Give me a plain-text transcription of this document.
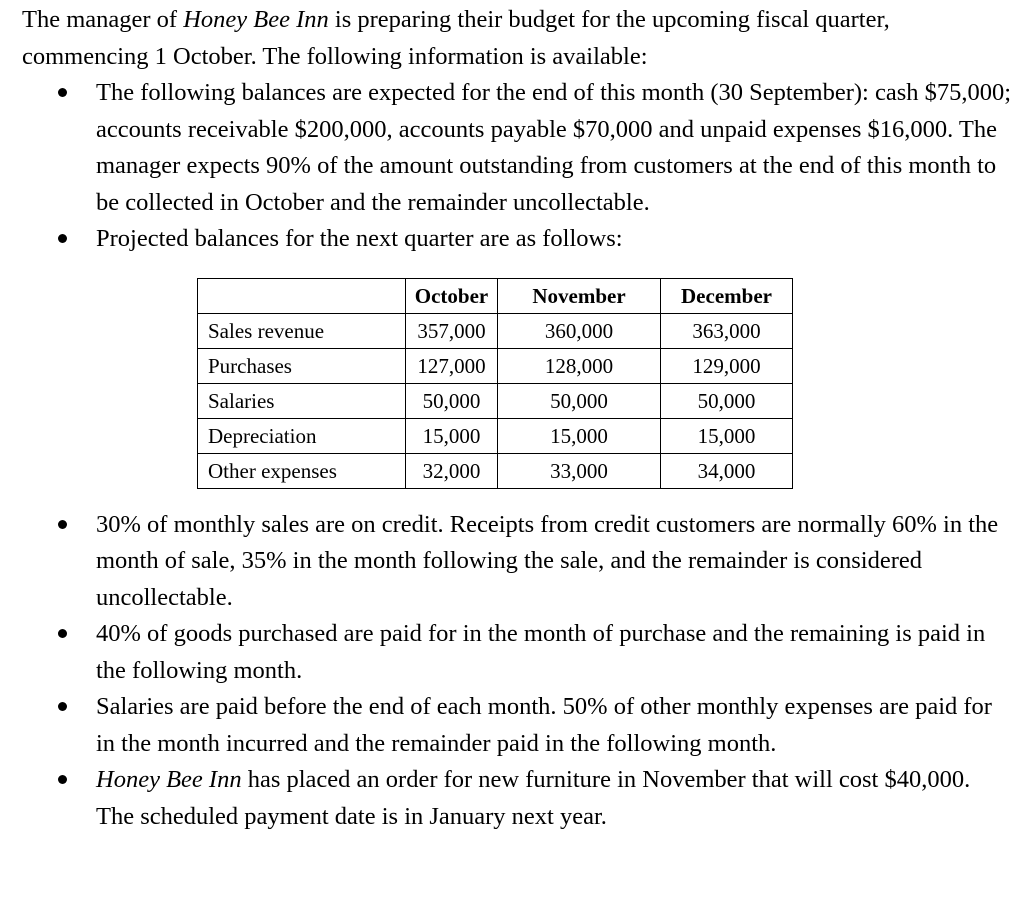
The manager of Honey Bee Inn is preparing their budget for the upcoming fiscal quarter, commencing 1 October. The following information is available:

The following balances are expected for the end of this month (30 September): cash $75,000; accounts receivable $200,000, accounts payable $70,000 and unpaid expenses $16,000. The manager expects 90% of the amount outstanding from customers at the end of this month to be collected in October and the remainder uncollectable.
Projected balances for the next quarter are as follows:
	October	November	December
Sales revenue	357,000	360,000	363,000
Purchases	127,000	128,000	129,000
Salaries	50,000	50,000	50,000
Depreciation	15,000	15,000	15,000
Other expenses	32,000	33,000	34,000
30% of monthly sales are on credit. Receipts from credit customers are normally 60% in the month of sale, 35% in the month following the sale, and the remainder is considered uncollectable.
40% of goods purchased are paid for in the month of purchase and the remaining is paid in the following month.
Salaries are paid before the end of each month. 50% of other monthly expenses are paid for in the month incurred and the remainder paid in the following month.
Honey Bee Inn has placed an order for new furniture in November that will cost $40,000. The scheduled payment date is in January next year.
